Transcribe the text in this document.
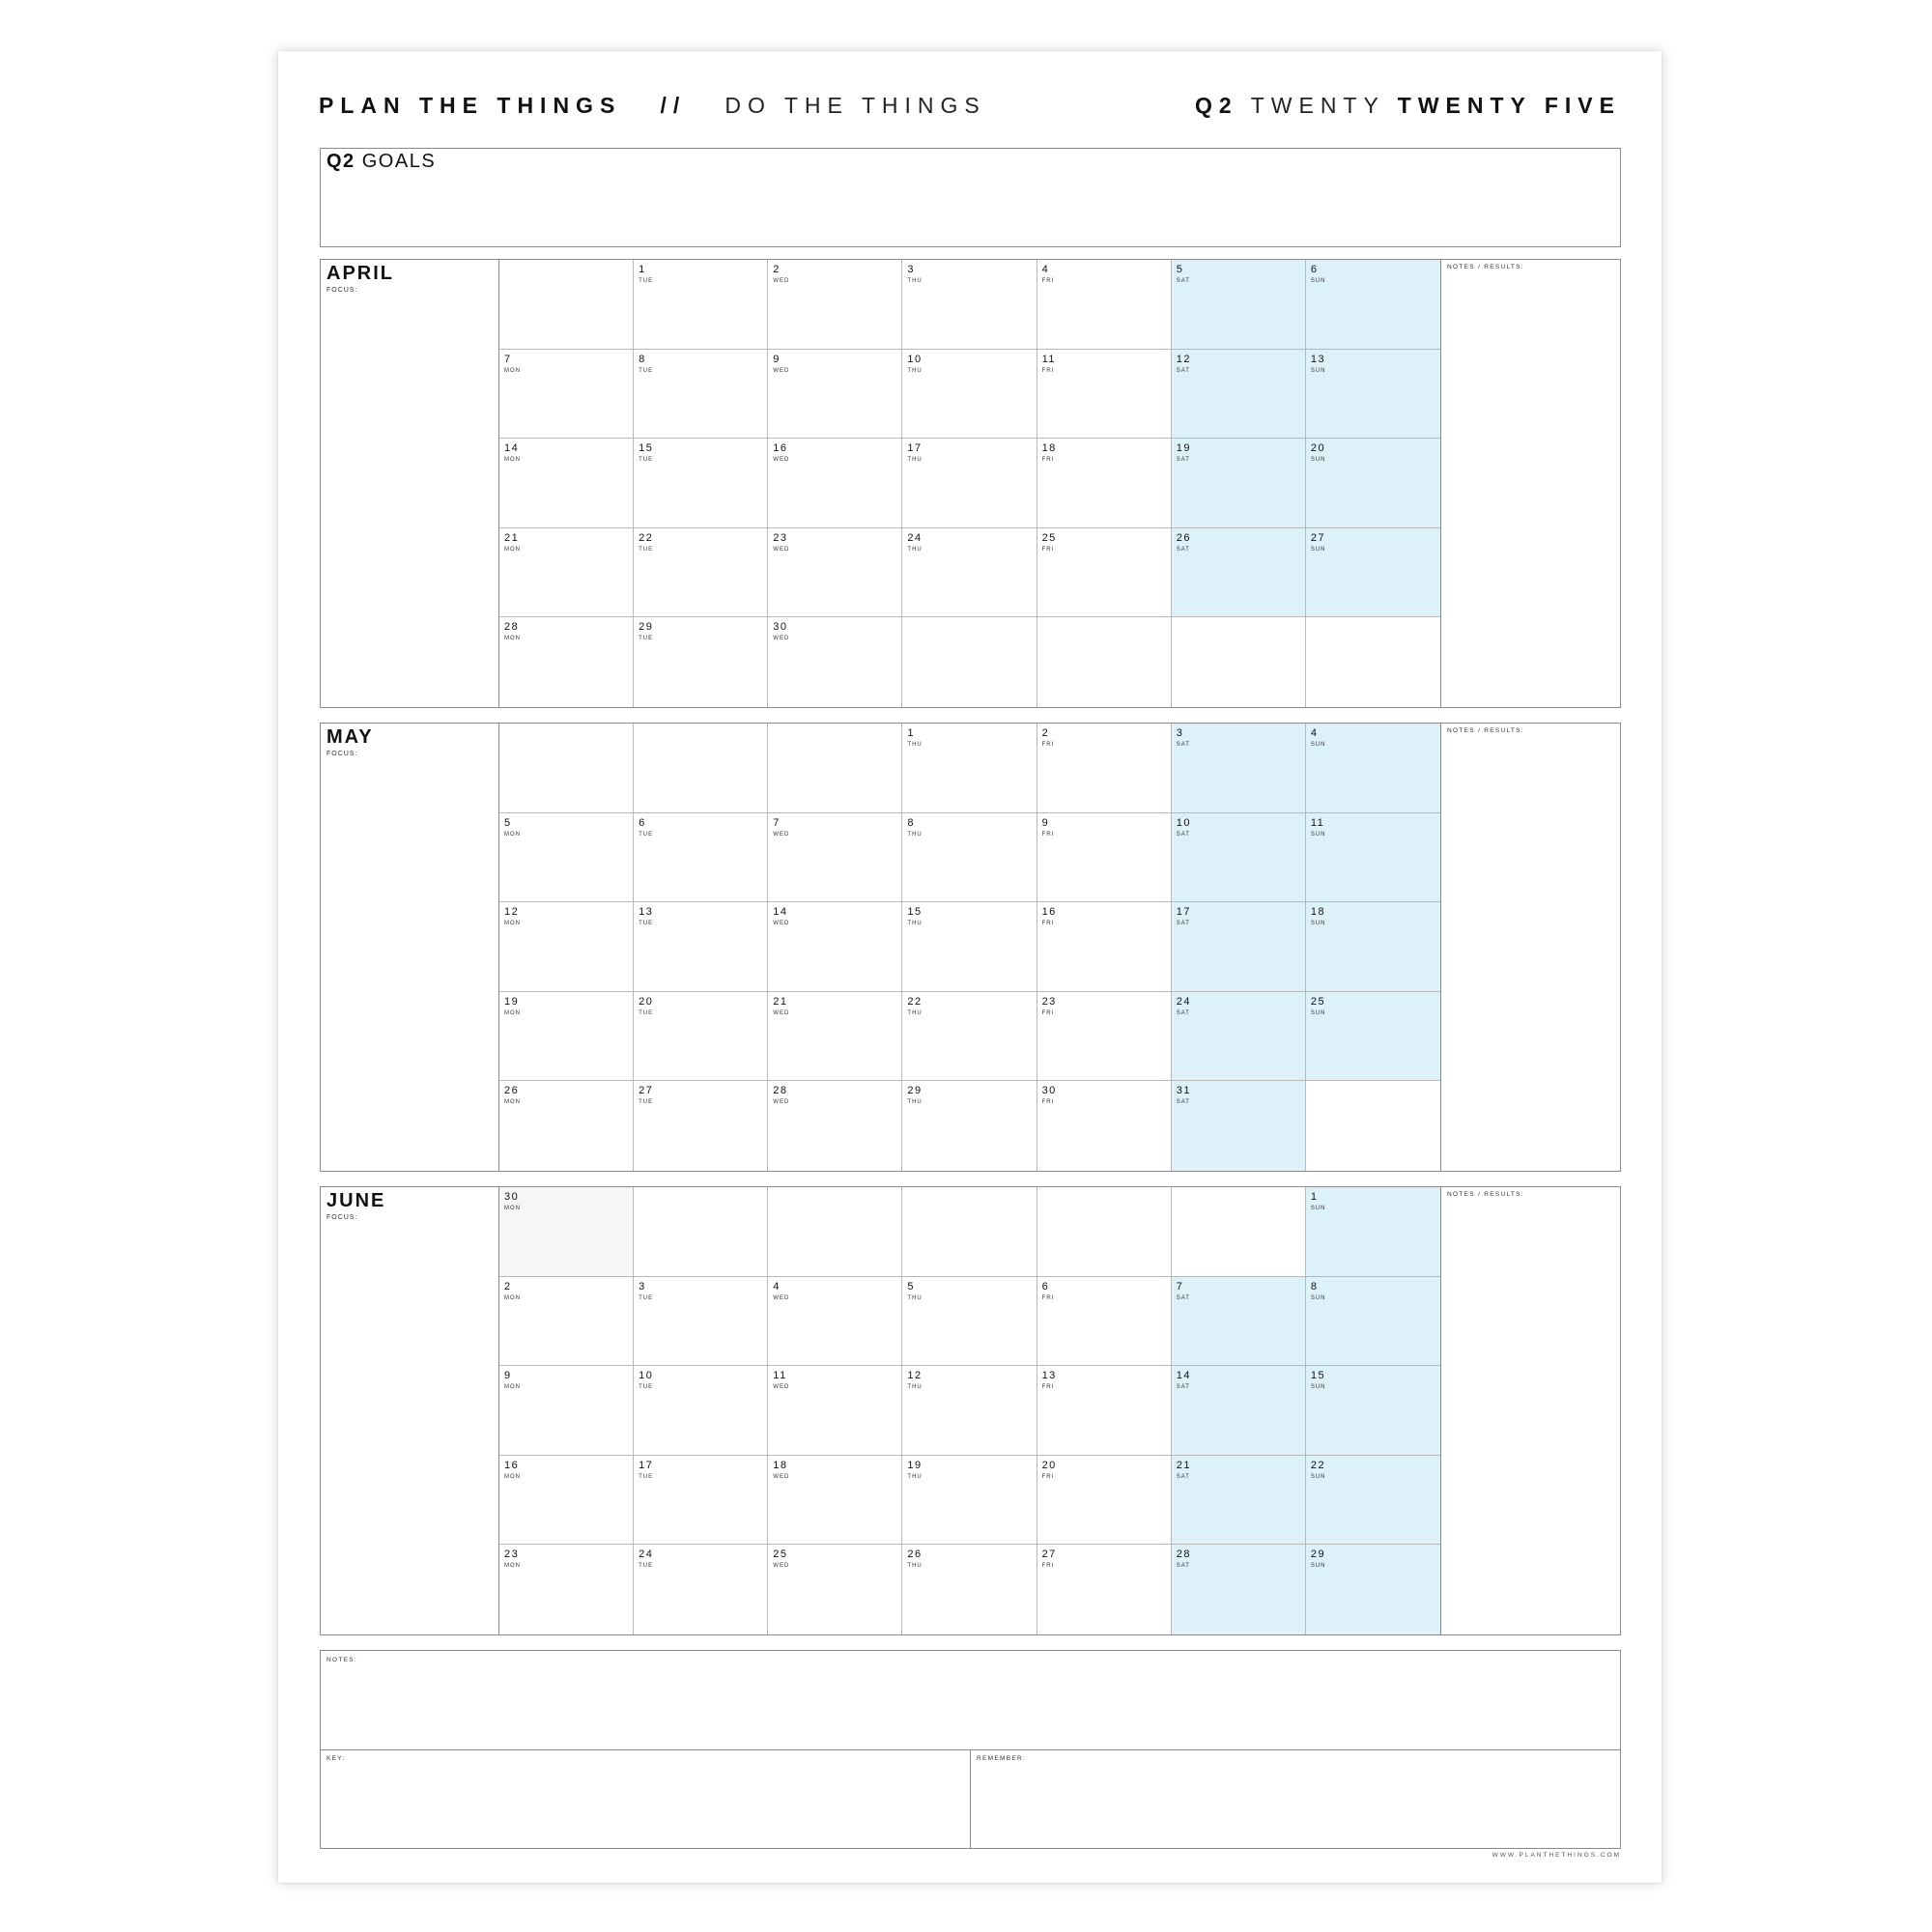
PLAN THE THINGS // DO THE THINGS	Q2 TWENTY TWENTY FIVE
Q2 GOALS
APRIL
FOCUS:
1
TUE
2
WED
3
THU
4
FRI
5
SAT
6
SUN
7
MON
8
TUE
9
WED
10
THU
11
FRI
12
SAT
13
SUN
14
MON
15
TUE
16
WED
17
THU
18
FRI
19
SAT
20
SUN
21
MON
22
TUE
23
WED
24
THU
25
FRI
26
SAT
27
SUN
28
MON
29
TUE
30
WED
NOTES / RESULTS:
MAY
FOCUS:
1
THU
2
FRI
3
SAT
4
SUN
5
MON
6
TUE
7
WED
8
THU
9
FRI
10
SAT
11
SUN
12
MON
13
TUE
14
WED
15
THU
16
FRI
17
SAT
18
SUN
19
MON
20
TUE
21
WED
22
THU
23
FRI
24
SAT
25
SUN
26
MON
27
TUE
28
WED
29
THU
30
FRI
31
SAT
NOTES / RESULTS:
JUNE
FOCUS:
30
MON
1
SUN
2
MON
3
TUE
4
WED
5
THU
6
FRI
7
SAT
8
SUN
9
MON
10
TUE
11
WED
12
THU
13
FRI
14
SAT
15
SUN
16
MON
17
TUE
18
WED
19
THU
20
FRI
21
SAT
22
SUN
23
MON
24
TUE
25
WED
26
THU
27
FRI
28
SAT
29
SUN
NOTES / RESULTS:
NOTES:
KEY:	REMEMBER:
WWW.PLANTHETHINGS.COM
